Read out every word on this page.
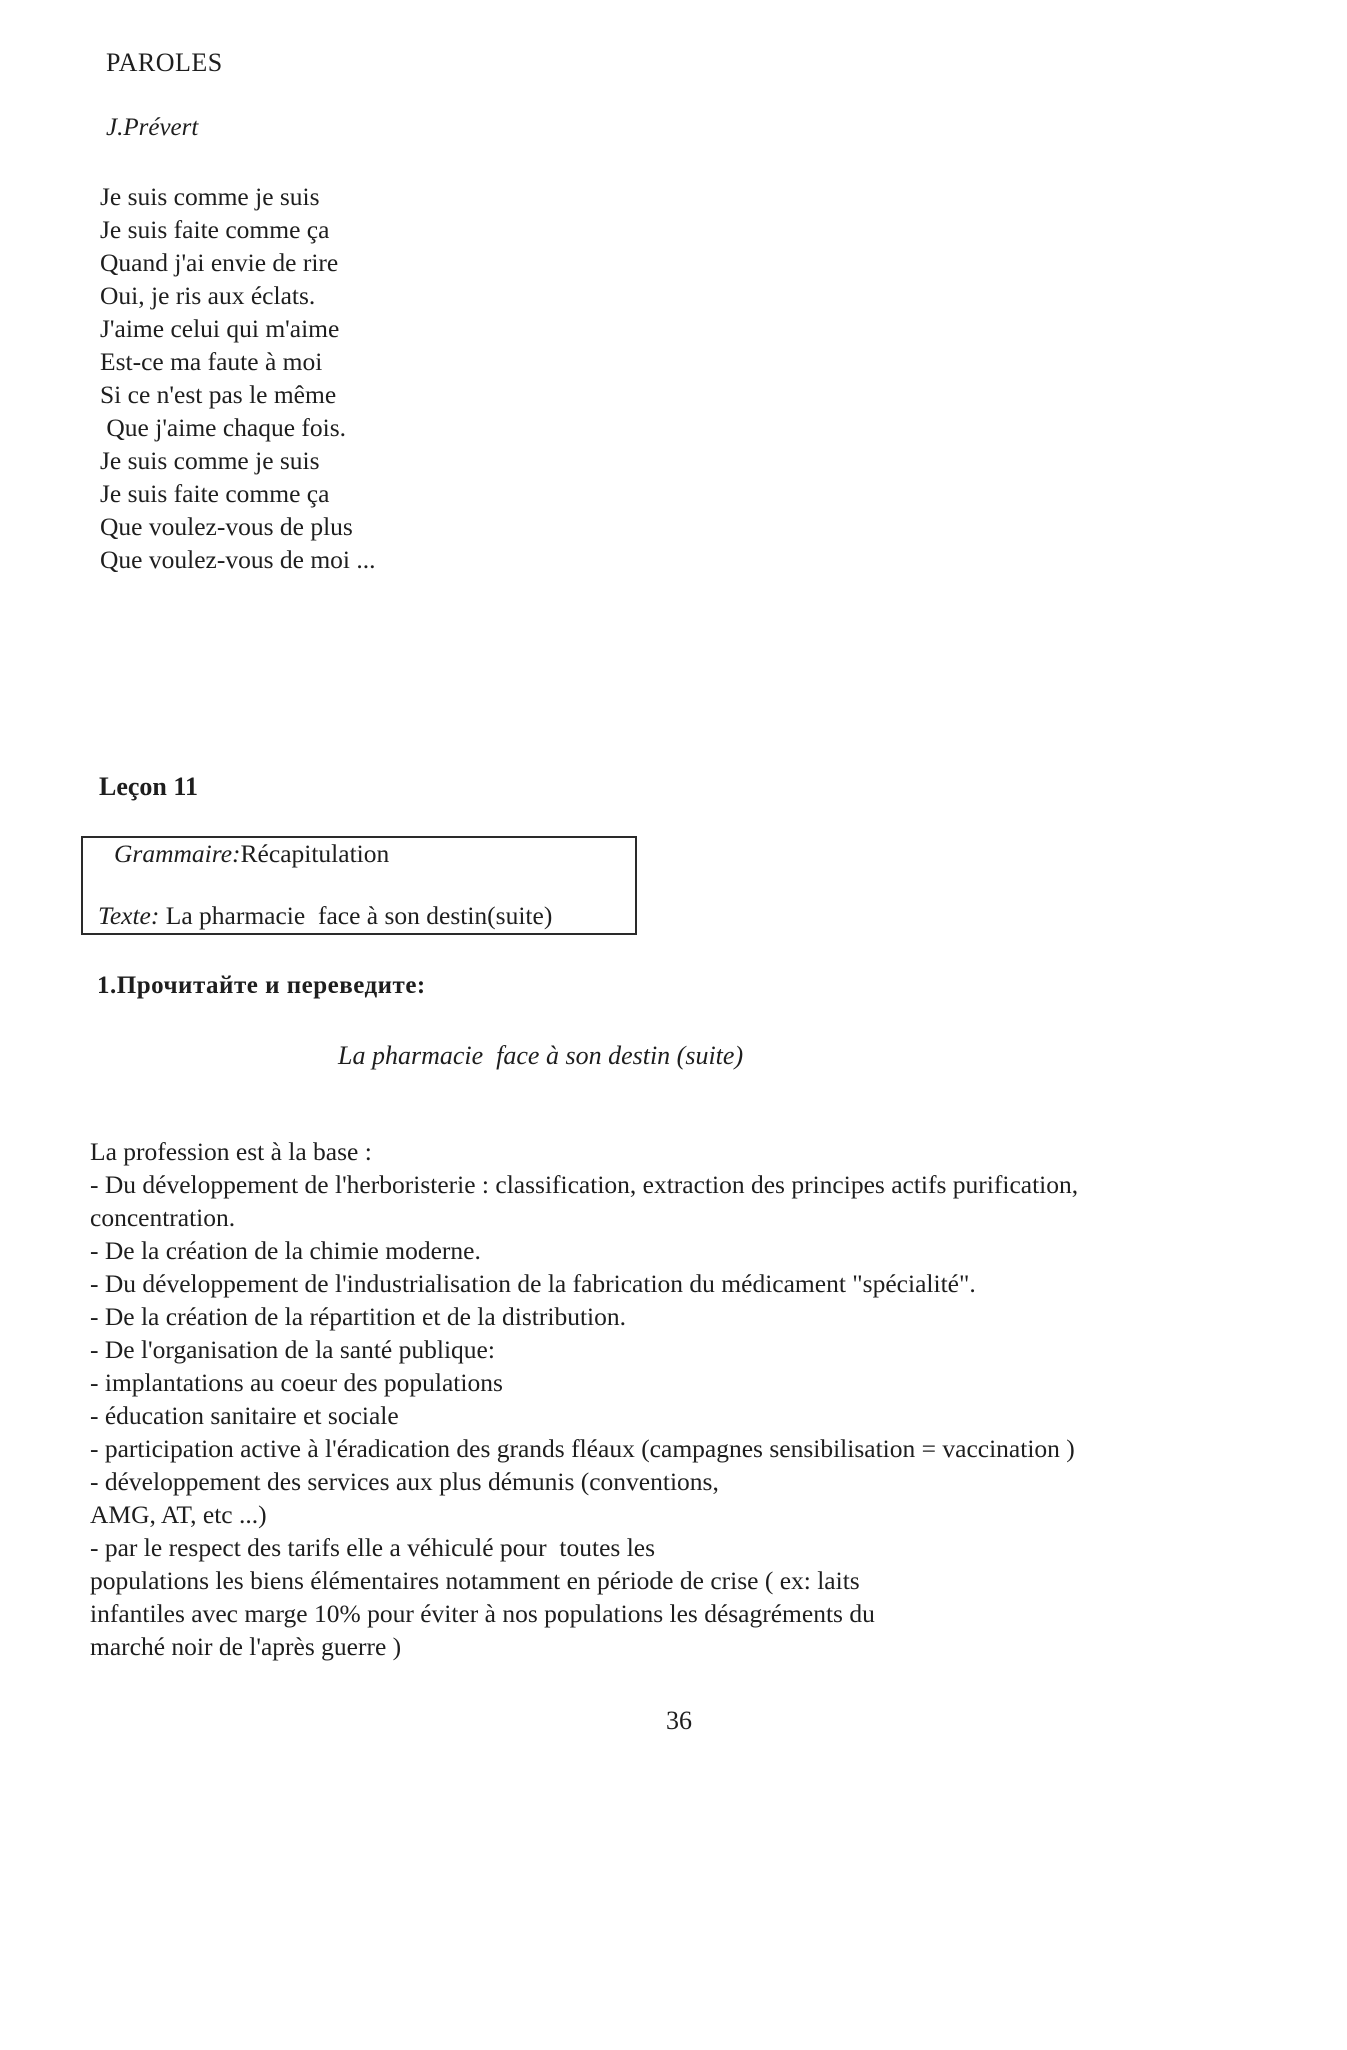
PAROLES
J.Prévert
Je suis comme je suis
Je suis faite comme ça
Quand j'ai envie de rire
Oui, je ris aux éclats.
J'aime celui qui m'aime
Est-ce ma faute à moi
Si ce n'est pas le même
Que j'aime chaque fois.
Je suis comme je suis
Je suis faite comme ça
Que voulez-vous de plus
Que voulez-vous de moi ...
Leçon 11
Grammaire:Récapitulation

Texte: La pharmacie  face à son destin(suite)

1.Прочитайте и переведите:
La pharmacie  face à son destin (suite)
La profession est à la base :
- Du développement de l'herboristerie : classification, extraction des principes actifs purification,
concentration.
- De la création de la chimie moderne.
- Du développement de l'industrialisation de la fabrication du médicament "spécialité".
- De la création de la répartition et de la distribution.
- De l'organisation de la santé publique:
- implantations au coeur des populations
- éducation sanitaire et sociale
- participation active à l'éradication des grands fléaux (campagnes sensibilisation = vaccination )
- développement des services aux plus démunis (conventions,
AMG, AT, etc ...)
- par le respect des tarifs elle a véhiculé pour  toutes les
populations les biens élémentaires notamment en période de crise ( ex: laits
infantiles avec marge 10% pour éviter à nos populations les désagréments du
marché noir de l'après guerre )
36
